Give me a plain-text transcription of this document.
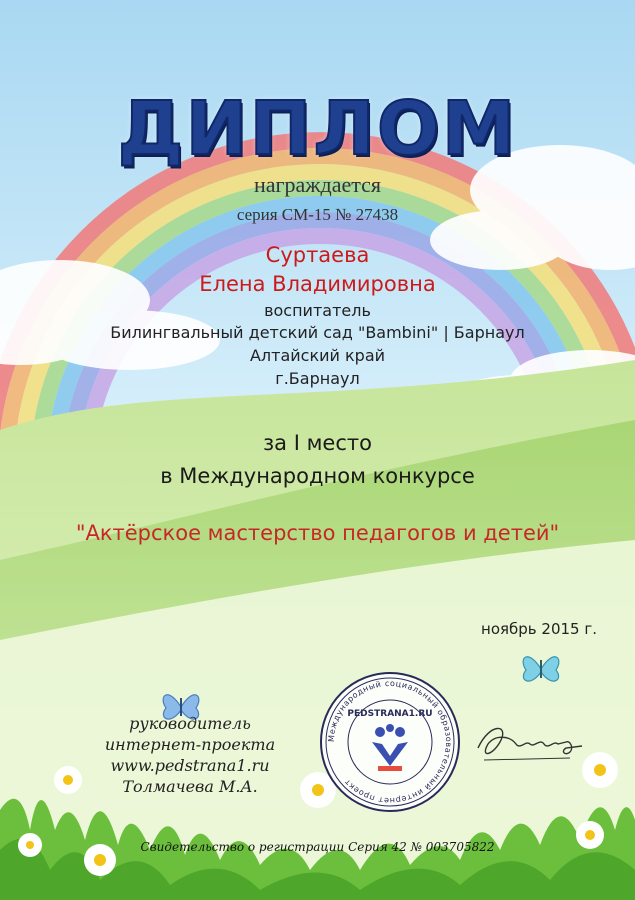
ДИПЛОМ
награждается
серия СМ-15 № 27438
Суртаева
Елена Владимировна
воспитатель
Билингвальный детский сад "Bambini" | Барнаул
Алтайский край
г.Барнаул
за I место
в Международном конкурсе
"Актёрское мастерство педагогов и детей"
ноябрь 2015 г.
руководитель
интернет-проекта
www.pedstrana1.ru
Толмачева М.А.
Международный социальный образовательный интернет проект
PEDSTRANA1.RU
Свидетельство о регистрации Серия 42 № 003705822
